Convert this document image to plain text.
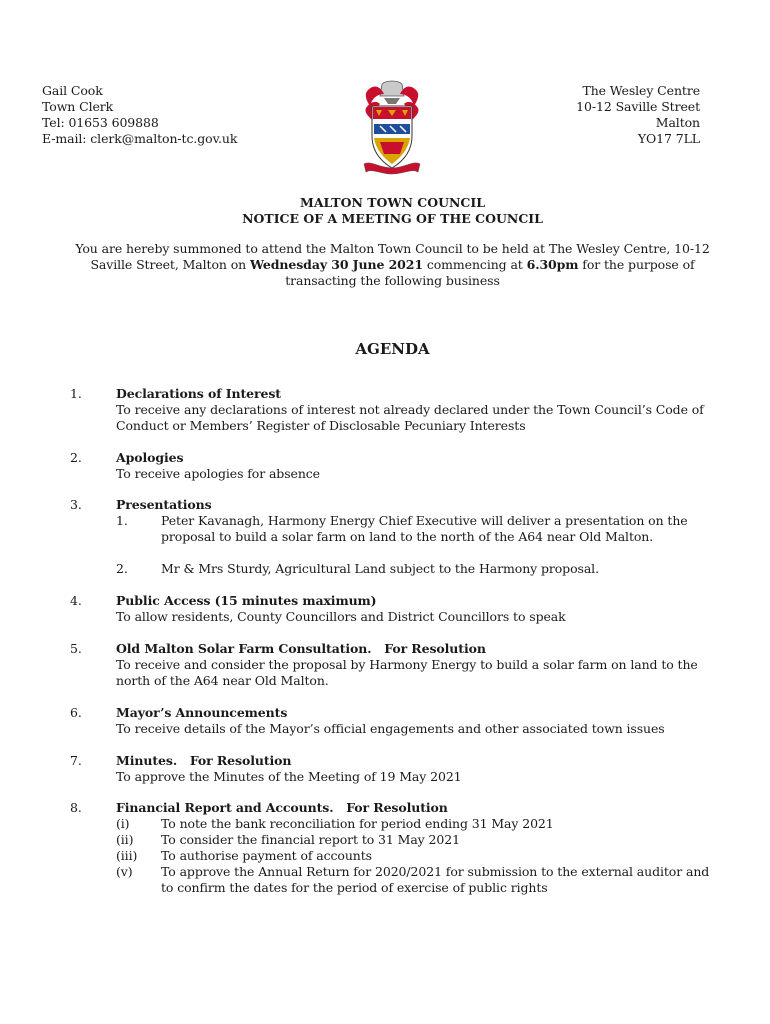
Gail Cook
Town Clerk
Tel: 01653 609888
E-mail: clerk@malton-tc.gov.uk
The Wesley Centre
10-12 Saville Street
Malton
YO17 7LL
MALTON TOWN COUNCIL
NOTICE OF A MEETING OF THE COUNCIL
You are hereby summoned to attend the Malton Town Council to be held at The Wesley Centre, 10-12 Saville Street, Malton on Wednesday 30 June 2021 commencing at 6.30pm for the purpose of transacting the following business
AGENDA
1.	Declarations of Interest
To receive any declarations of interest not already declared under the Town Council’s Code of Conduct or Members’ Register of Disclosable Pecuniary Interests
2.	Apologies
To receive apologies for absence
3.	Presentations
1.	Peter Kavanagh, Harmony Energy Chief Executive will deliver a presentation on the proposal to build a solar farm on land to the north of the A64 near Old Malton.
2.	Mr & Mrs Sturdy, Agricultural Land subject to the Harmony proposal.
4.	Public Access (15 minutes maximum)
To allow residents, County Councillors and District Councillors to speak
5.	Old Malton Solar Farm Consultation.   For Resolution
To receive and consider the proposal by Harmony Energy to build a solar farm on land to the north of the A64 near Old Malton.
6.	Mayor’s Announcements
To receive details of the Mayor’s official engagements and other associated town issues
7.	Minutes.   For Resolution
To approve the Minutes of the Meeting of 19 May 2021
8.	Financial Report and Accounts.   For Resolution
(i)	To note the bank reconciliation for period ending 31 May 2021
(ii) To consider the financial report to 31 May 2021
(iii) To authorise payment of accounts
(v) To approve the Annual Return for 2020/2021 for submission to the external auditor and to confirm the dates for the period of exercise of public rights
